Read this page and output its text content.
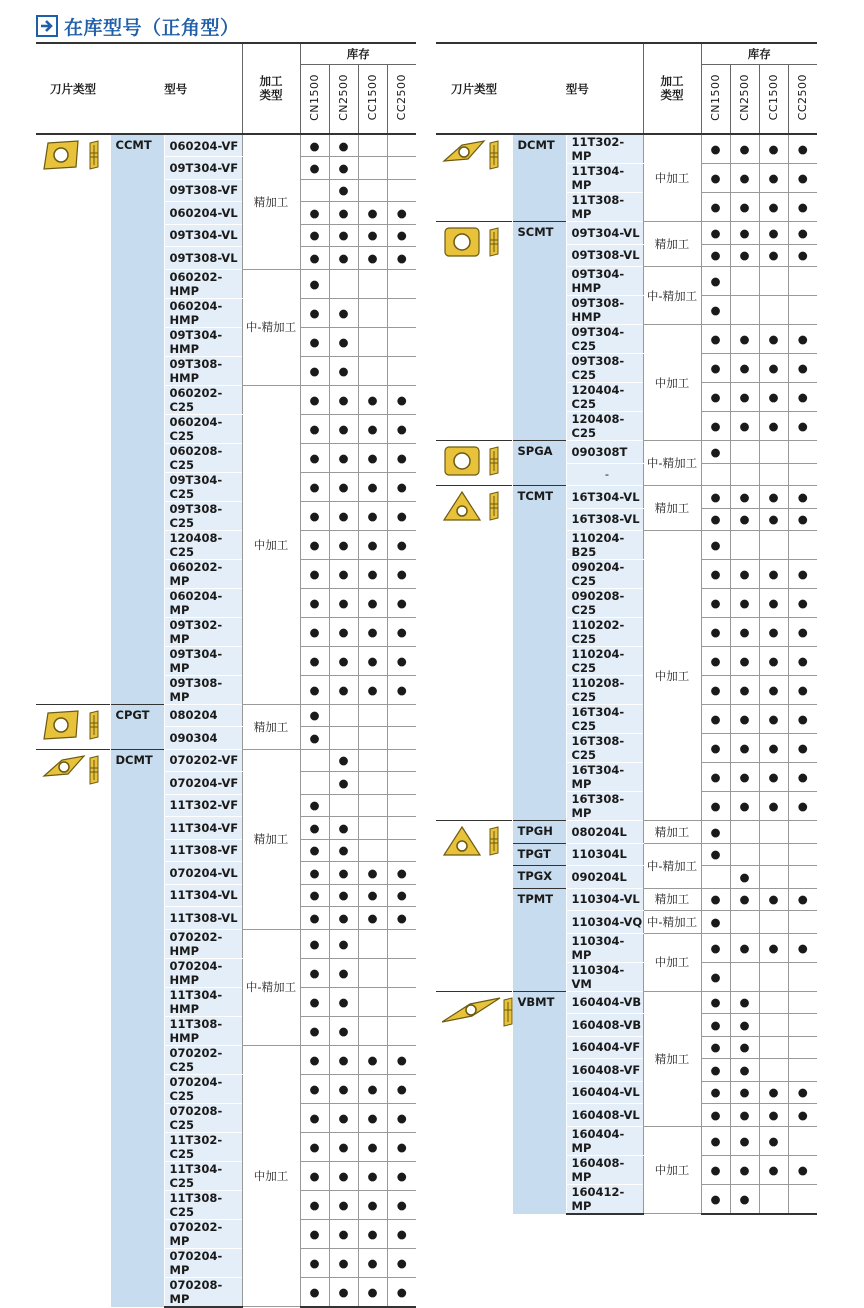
在库型号（正角型）
刀片类型	型号		加工
类型	库存			
				CN1500	CN2500	CC1500	CC2500

	CCMT	060204-VF	精加工	●	●		
		09T304-VF		●	●		
		09T308-VF			●		
		060204-VL		●	●	●	●
		09T304-VL		●	●	●	●
		09T308-VL		●	●	●	●
		060202-HMP	中-精加工	●			
		060204-HMP		●	●		
		09T304-HMP		●	●		
		09T308-HMP		●	●		
		060202-C25	中加工	●	●	●	●
		060204-C25		●	●	●	●
		060208-C25		●	●	●	●
		09T304-C25		●	●	●	●
		09T308-C25		●	●	●	●
		120408-C25		●	●	●	●
		060202-MP		●	●	●	●
		060204-MP		●	●	●	●
		09T302-MP		●	●	●	●
		09T304-MP		●	●	●	●
		09T308-MP		●	●	●	●

	CPGT	080204	精加工	●			
		090304		●			

	DCMT	070202-VF	精加工		●		
		070204-VF			●		
		11T302-VF		●			
		11T304-VF		●	●		
		11T308-VF		●	●		
		070204-VL		●	●	●	●
		11T304-VL		●	●	●	●
		11T308-VL		●	●	●	●
		070202-HMP	中-精加工	●	●		
		070204-HMP		●	●		
		11T304-HMP		●	●		
		11T308-HMP		●	●		
		070202-C25	中加工	●	●	●	●
		070204-C25		●	●	●	●
		070208-C25		●	●	●	●
		11T302-C25		●	●	●	●
		11T304-C25		●	●	●	●
		11T308-C25		●	●	●	●
		070202-MP		●	●	●	●
		070204-MP		●	●	●	●
		070208-MP		●	●	●	●
刀片类型	型号		加工
类型	库存			
				CN1500	CN2500	CC1500	CC2500

	DCMT	11T302-MP	中加工	●	●	●	●
		11T304-MP		●	●	●	●
		11T308-MP		●	●	●	●

	SCMT	09T304-VL	精加工	●	●	●	●
		09T308-VL		●	●	●	●
		09T304-HMP	中-精加工	●			
		09T308-HMP		●			
		09T304-C25	中加工	●	●	●	●
		09T308-C25		●	●	●	●
		120404-C25		●	●	●	●
		120408-C25		●	●	●	●

	SPGA	090308T	中-精加工	●			
		-					

	TCMT	16T304-VL	精加工	●	●	●	●
		16T308-VL		●	●	●	●
		110204-B25	中加工	●			
		090204-C25		●	●	●	●
		090208-C25		●	●	●	●
		110202-C25		●	●	●	●
		110204-C25		●	●	●	●
		110208-C25		●	●	●	●
		16T304-C25		●	●	●	●
		16T308-C25		●	●	●	●
		16T304-MP		●	●	●	●
		16T308-MP		●	●	●	●

	TPGH	080204L	精加工	●			
	TPGT	110304L	中-精加工	●			
	TPGX	090204L			●		
	TPMT	110304-VL	精加工	●	●	●	●
		110304-VQ	中-精加工	●			
		110304-MP	中加工	●	●	●	●
		110304-VM		●			

	VBMT	160404-VB	精加工	●	●		
		160408-VB		●	●		
		160404-VF		●	●		
		160408-VF		●	●		
		160404-VL		●	●	●	●
		160408-VL		●	●	●	●
		160404-MP	中加工	●	●	●	
		160408-MP		●	●	●	●
		160412-MP		●	●		
